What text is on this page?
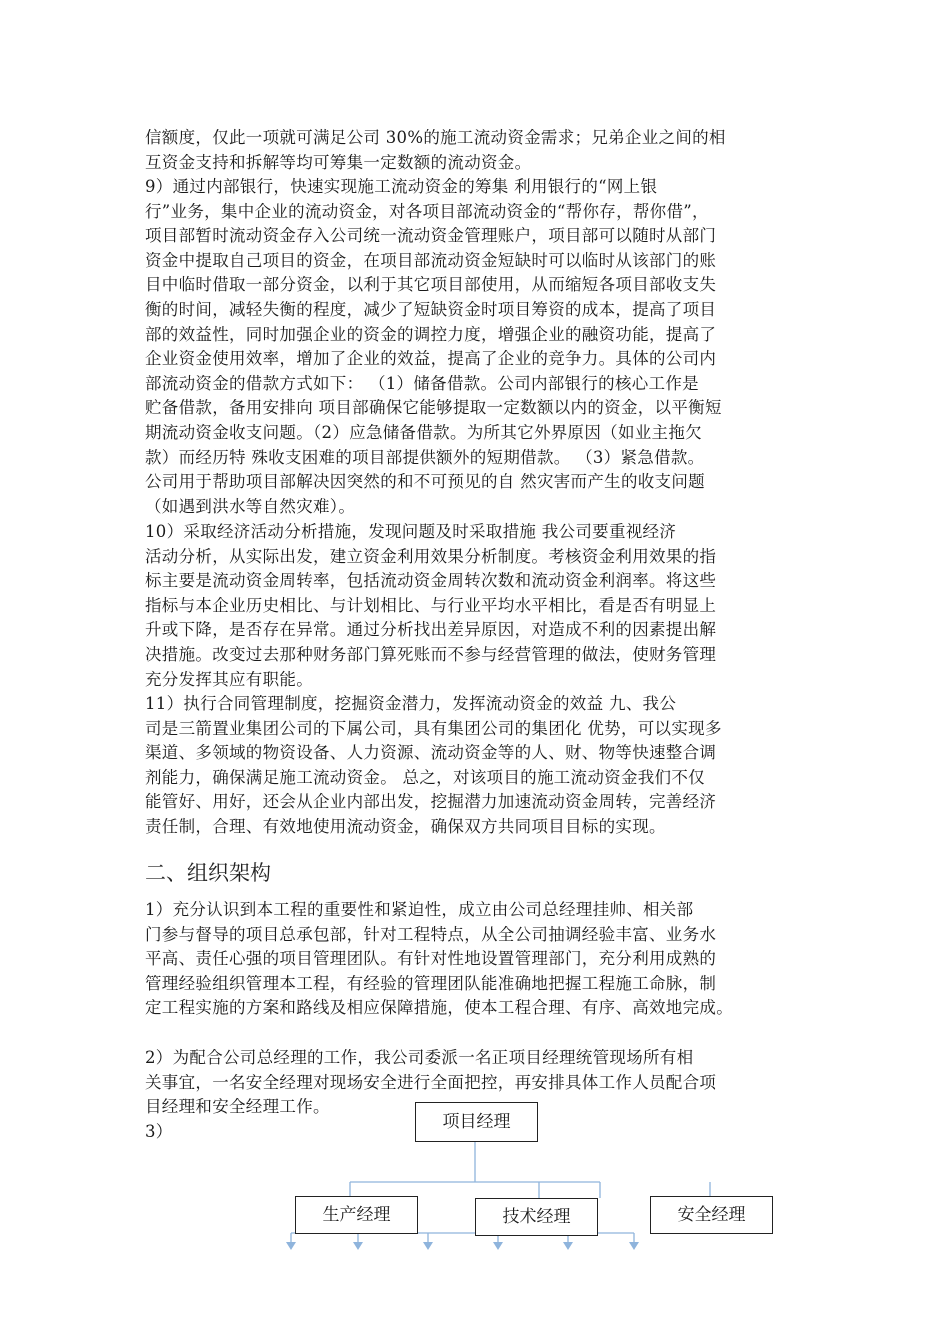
信额度，仅此一项就可满足公司 30%的施工流动资金需求；兄弟企业之间的相
互资金支持和拆解等均可筹集一定数额的流动资金。
9）通过内部银行，快速实现施工流动资金的筹集 利用银行的“网上银
行”业务，集中企业的流动资金，对各项目部流动资金的“帮你存，帮你借”，
项目部暂时流动资金存入公司统一流动资金管理账户，项目部可以随时从部门
资金中提取自己项目的资金，在项目部流动资金短缺时可以临时从该部门的账
目中临时借取一部分资金，以利于其它项目部使用，从而缩短各项目部收支失
衡的时间，减轻失衡的程度，减少了短缺资金时项目筹资的成本，提高了项目
部的效益性，同时加强企业的资金的调控力度，增强企业的融资功能，提高了
企业资金使用效率，增加了企业的效益，提高了企业的竞争力。具体的公司内
部流动资金的借款方式如下： （1）储备借款。公司内部银行的核心工作是
贮备借款，备用安排向 项目部确保它能够提取一定数额以内的资金，以平衡短
期流动资金收支问题。（2）应急储备借款。为所其它外界原因（如业主拖欠
款）而经历特 殊收支困难的项目部提供额外的短期借款。 （3）紧急借款。
公司用于帮助项目部解决因突然的和不可预见的自 然灾害而产生的收支问题
（如遇到洪水等自然灾难）。
10）采取经济活动分析措施，发现问题及时采取措施 我公司要重视经济
活动分析，从实际出发，建立资金利用效果分析制度。考核资金利用效果的指
标主要是流动资金周转率，包括流动资金周转次数和流动资金利润率。将这些
指标与本企业历史相比、与计划相比、与行业平均水平相比，看是否有明显上
升或下降，是否存在异常。通过分析找出差异原因，对造成不利的因素提出解
决措施。改变过去那种财务部门算死账而不参与经营管理的做法，使财务管理
充分发挥其应有职能。
11）执行合同管理制度，挖掘资金潜力，发挥流动资金的效益 九、我公
司是三箭置业集团公司的下属公司，具有集团公司的集团化 优势，可以实现多
渠道、多领域的物资设备、人力资源、流动资金等的人、财、物等快速整合调
剂能力，确保满足施工流动资金。 总之，对该项目的施工流动资金我们不仅
能管好、用好，还会从企业内部出发，挖掘潜力加速流动资金周转，完善经济
责任制，合理、有效地使用流动资金，确保双方共同项目目标的实现。
二、组织架构
1）充分认识到本工程的重要性和紧迫性，成立由公司总经理挂帅、相关部
门参与督导的项目总承包部，针对工程特点，从全公司抽调经验丰富、业务水
平高、责任心强的项目管理团队。有针对性地设置管理部门，充分利用成熟的
管理经验组织管理本工程，有经验的管理团队能准确地把握工程施工命脉，制
定工程实施的方案和路线及相应保障措施，使本工程合理、有序、高效地完成。
2）为配合公司总经理的工作，我公司委派一名正项目经理统管现场所有相
关事宜，一名安全经理对现场安全进行全面把控，再安排具体工作人员配合项
目经理和安全经理工作。
3）	项目经理
生产经理	技术经理	安全经理
